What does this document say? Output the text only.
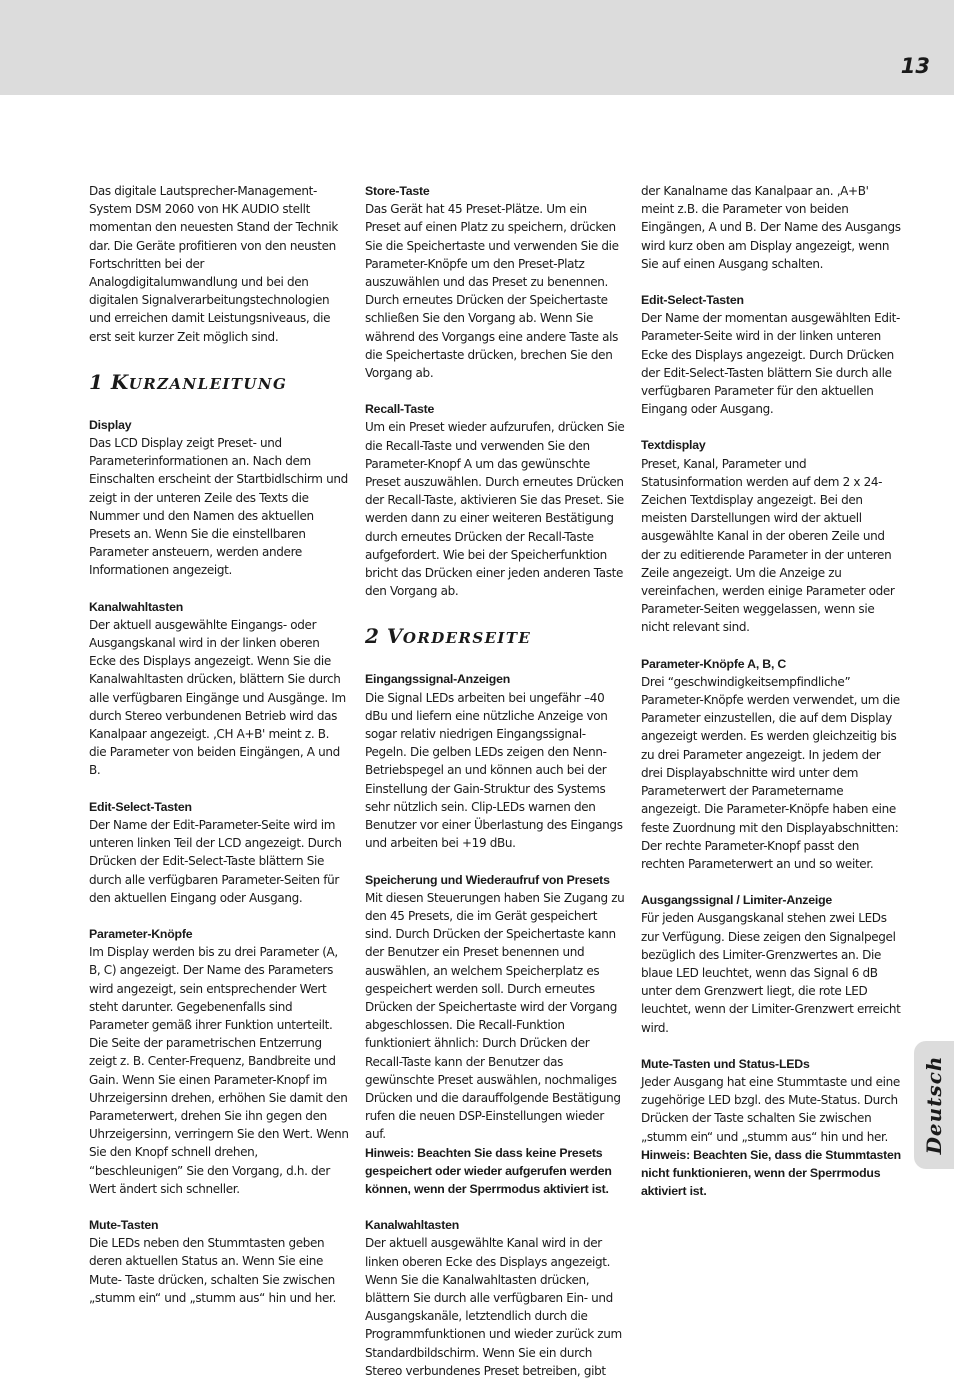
13

Das digitale Lautsprecher-Management-System DSM 2060 von HK AUDIO stellt momentan den neuesten Stand der Technik dar. Die Geräte profitieren von den neusten Fortschritten bei der Analogdigitalumwandlung und bei den digitalen Signalverarbeitungstechnologien und erreichen damit Leistungsniveaus, die erst seit kurzer Zeit möglich sind.

1 KURZANLEITUNG

Display
Das LCD Display zeigt Preset- und Parameterinformationen an. Nach dem Einschalten erscheint der Startbidlschirm und zeigt in der unteren Zeile des Texts die Nummer und den Namen des aktuellen Presets an. Wenn Sie die einstellbaren Parameter ansteuern, werden andere Informationen angezeigt.

Kanalwahltasten
Der aktuell ausgewählte Eingangs- oder Ausgangskanal wird in der linken oberen Ecke des Displays angezeigt. Wenn Sie die Kanalwahltasten drücken, blättern Sie durch alle verfügbaren Eingänge und Ausgänge. Im durch Stereo verbundenen Betrieb wird das Kanalpaar angezeigt. ‚CH A+B' meint z. B. die Parameter von beiden Eingängen, A und B.

Edit-Select-Tasten
Der Name der Edit-Parameter-Seite wird im unteren linken Teil der LCD angezeigt. Durch Drücken der Edit-Select-Taste blättern Sie durch alle verfügbaren Parameter-Seiten für den aktuellen Eingang oder Ausgang.

Parameter-Knöpfe
Im Display werden bis zu drei Parameter (A, B, C) angezeigt. Der Name des Parameters wird angezeigt, sein entsprechender Wert steht darunter. Gegebenenfalls sind Parameter gemäß ihrer Funktion unterteilt. Die Seite der parametrischen Entzerrung zeigt z. B. Center-Frequenz, Bandbreite und Gain. Wenn Sie einen Parameter-Knopf im Uhrzeigersinn drehen, erhöhen Sie damit den Parameterwert, drehen Sie ihn gegen den Uhrzeigersinn, verringern Sie den Wert. Wenn Sie den Knopf schnell drehen, “beschleunigen” Sie den Vorgang, d.h. der Wert ändert sich schneller.

Mute-Tasten
Die LEDs neben den Stummtasten geben deren aktuellen Status an. Wenn Sie eine Mute- Taste drücken, schalten Sie zwischen „stumm ein“ und „stumm aus“ hin und her.

Store-Taste
Das Gerät hat 45 Preset-Plätze. Um ein Preset auf einen Platz zu speichern, drücken Sie die Speichertaste und verwenden Sie die Parameter-Knöpfe um den Preset-Platz auszuwählen und das Preset zu benennen. Durch erneutes Drücken der Speichertaste schließen Sie den Vorgang ab. Wenn Sie während des Vorgangs eine andere Taste als die Speichertaste drücken, brechen Sie den Vorgang ab.

Recall-Taste
Um ein Preset wieder aufzurufen, drücken Sie die Recall-Taste und verwenden Sie den Parameter-Knopf A um das gewünschte Preset auszuwählen. Durch erneutes Drücken der Recall-Taste, aktivieren Sie das Preset. Sie werden dann zu einer weiteren Bestätigung durch erneutes Drücken der Recall-Taste aufgefordert. Wie bei der Speicherfunktion bricht das Drücken einer jeden anderen Taste den Vorgang ab.

2 VORDERSEITE

Eingangssignal-Anzeigen
Die Signal LEDs arbeiten bei ungefähr –40 dBu und liefern eine nützliche Anzeige von sogar relativ niedrigen Eingangssignal-Pegeln. Die gelben LEDs zeigen den Nenn-Betriebspegel an und können auch bei der Einstellung der Gain-Struktur des Systems sehr nützlich sein. Clip-LEDs warnen den Benutzer vor einer Überlastung des Eingangs und arbeiten bei +19 dBu.

Speicherung und Wiederaufruf von Presets
Mit diesen Steuerungen haben Sie Zugang zu den 45 Presets, die im Gerät gespeichert sind. Durch Drücken der Speichertaste kann der Benutzer ein Preset benennen und auswählen, an welchem Speicherplatz es gespeichert werden soll. Durch erneutes Drücken der Speichertaste wird der Vorgang abgeschlossen. Die Recall-Funktion funktioniert ähnlich: Durch Drücken der Recall-Taste kann der Benutzer das gewünschte Preset auswählen, nochmaliges Drücken und die darauffolgende Bestätigung rufen die neuen DSP-Einstellungen wieder auf.
Hinweis: Beachten Sie dass keine Presets gespeichert oder wieder aufgerufen werden können, wenn der Sperrmodus aktiviert ist.

Kanalwahltasten
Der aktuell ausgewählte Kanal wird in der linken oberen Ecke des Displays angezeigt. Wenn Sie die Kanalwahltasten drücken, blättern Sie durch alle verfügbaren Ein- und Ausgangskanäle, letztendlich durch die Programmfunktionen und wieder zurück zum Standardbildschirm. Wenn Sie ein durch Stereo verbundenes Preset betreiben, gibt

der Kanalname das Kanalpaar an. ‚A+B' meint z.B. die Parameter von beiden Eingängen, A und B. Der Name des Ausgangs wird kurz oben am Display angezeigt, wenn Sie auf einen Ausgang schalten.

Edit-Select-Tasten
Der Name der momentan ausgewählten Edit-Parameter-Seite wird in der linken unteren Ecke des Displays angezeigt. Durch Drücken der Edit-Select-Tasten blättern Sie durch alle verfügbaren Parameter für den aktuellen Eingang oder Ausgang.

Textdisplay
Preset, Kanal, Parameter und Statusinformation werden auf dem 2 x 24-Zeichen Textdisplay angezeigt. Bei den meisten Darstellungen wird der aktuell ausgewählte Kanal in der oberen Zeile und der zu editierende Parameter in der unteren Zeile angezeigt. Um die Anzeige zu vereinfachen, werden einige Parameter oder Parameter-Seiten weggelassen, wenn sie nicht relevant sind.

Parameter-Knöpfe A, B, C
Drei “geschwindigkeitsempfindliche” Parameter-Knöpfe werden verwendet, um die Parameter einzustellen, die auf dem Display angezeigt werden. Es werden gleichzeitig bis zu drei Parameter angezeigt. In jedem der drei Displayabschnitte wird unter dem Parameterwert der Parametername angezeigt. Die Parameter-Knöpfe haben eine feste Zuordnung mit den Displayabschnitten: Der rechte Parameter-Knopf passt den rechten Parameterwert an und so weiter.

Ausgangssignal / Limiter-Anzeige
Für jeden Ausgangskanal stehen zwei LEDs zur Verfügung. Diese zeigen den Signalpegel bezüglich des Limiter-Grenzwertes an. Die blaue LED leuchtet, wenn das Signal 6 dB unter dem Grenzwert liegt, die rote LED leuchtet, wenn der Limiter-Grenzwert erreicht wird.

Mute-Tasten und Status-LEDs
Jeder Ausgang hat eine Stummtaste und eine zugehörige LED bzgl. des Mute-Status. Durch Drücken der Taste schalten Sie zwischen „stumm ein“ und „stumm aus“ hin und her.
Hinweis: Beachten Sie, dass die Stummtasten nicht funktionieren, wenn der Sperrmodus aktiviert ist.

Deutsch
